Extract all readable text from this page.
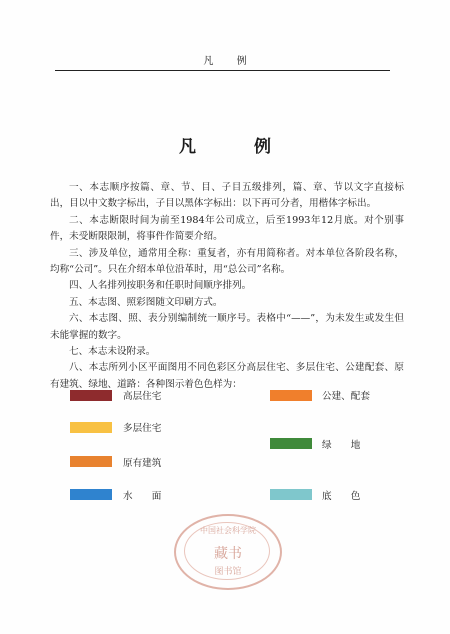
凡 例
凡 例

一、本志顺序按篇、章、节、目、子目五级排列，篇、章、节以文字直接标出，目以中文数字标出，子目以黑体字标出：以下再可分者，用楷体字标出。

二、本志断限时间为前至1984年公司成立，后至1993年12月底。对个别事件，未受断限限制，将事件作简要介绍。

三、涉及单位，通常用全称：重复者，亦有用简称者。对本单位各阶段名称，均称“公司”。只在介绍本单位沿革时，用“总公司”名称。

四、人名排列按职务和任职时间顺序排列。

五、本志图、照彩图随文印刷方式。

六、本志图、照、表分别编制统一顺序号。表格中“——”，为未发生或发生但未能掌握的数字。

七、本志未设附录。

八、本志所列小区平面图用不同色彩区分高层住宅、多层住宅、公建配套、原有建筑、绿地、道路：各种图示着色色样为：

高层住宅	公建、配套
多层住宅
绿　　地
原有建筑
水　　面	底　　色
中国社会科学院
藏书
图书馆
